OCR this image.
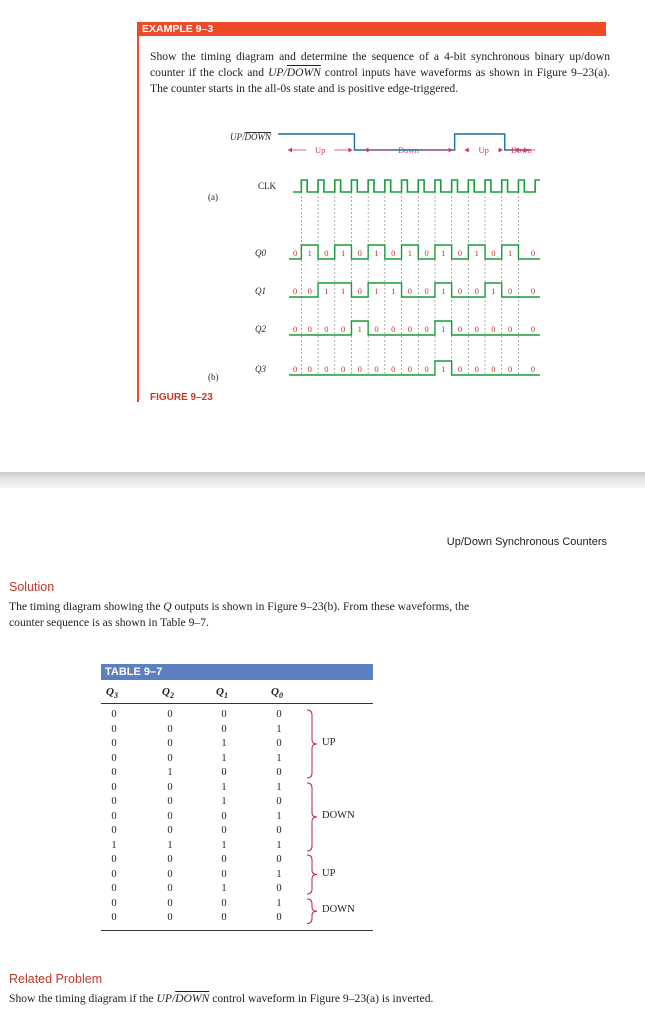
EXAMPLE 9–3
Show the timing diagram and determine the sequence of a 4-bit synchronous binary up/down counter if the clock and UP/DOWN control inputs have waveforms as shown in Figure 9–23(a). The counter starts in the all-0s state and is positive edge-triggered.
(a)
(b)
UP/DOWN
CLK
Up	Down	Up	Down
Q0	0 1 0 1 0 1 0 1 0 1 0 1 0 1 0
Q1	0 0 1 1 0 1 1 0 0 1 0 0 1 0 0
Q2	0 0 0 0 1 0 0 0 0 1 0 0 0 0 0
Q3	0 0 0 0 0 0 0 0 0 1 0 0 0 0 0
FIGURE 9–23
Up/Down Synchronous Counters
Solution
The timing diagram showing the Q outputs is shown in Figure 9–23(b). From these waveforms, the counter sequence is as shown in Table 9–7.
TABLE 9–7
$Q_3$	$Q_2$	$Q_1$	$Q_0$
0	0	0	0
0	0	0	1
0	0	1	0
0	0	1	1
0	1	0	0
0	0	1	1
0	0	1	0
0	0	0	1
0	0	0	0
1	1	1	1
0	0	0	0
0	0	0	1
0	0	1	0
0	0	0	1
0	0	0	0
UP
DOWN
UP
DOWN
Related Problem
Show the timing diagram if the UP/DOWN control waveform in Figure 9–23(a) is inverted.
